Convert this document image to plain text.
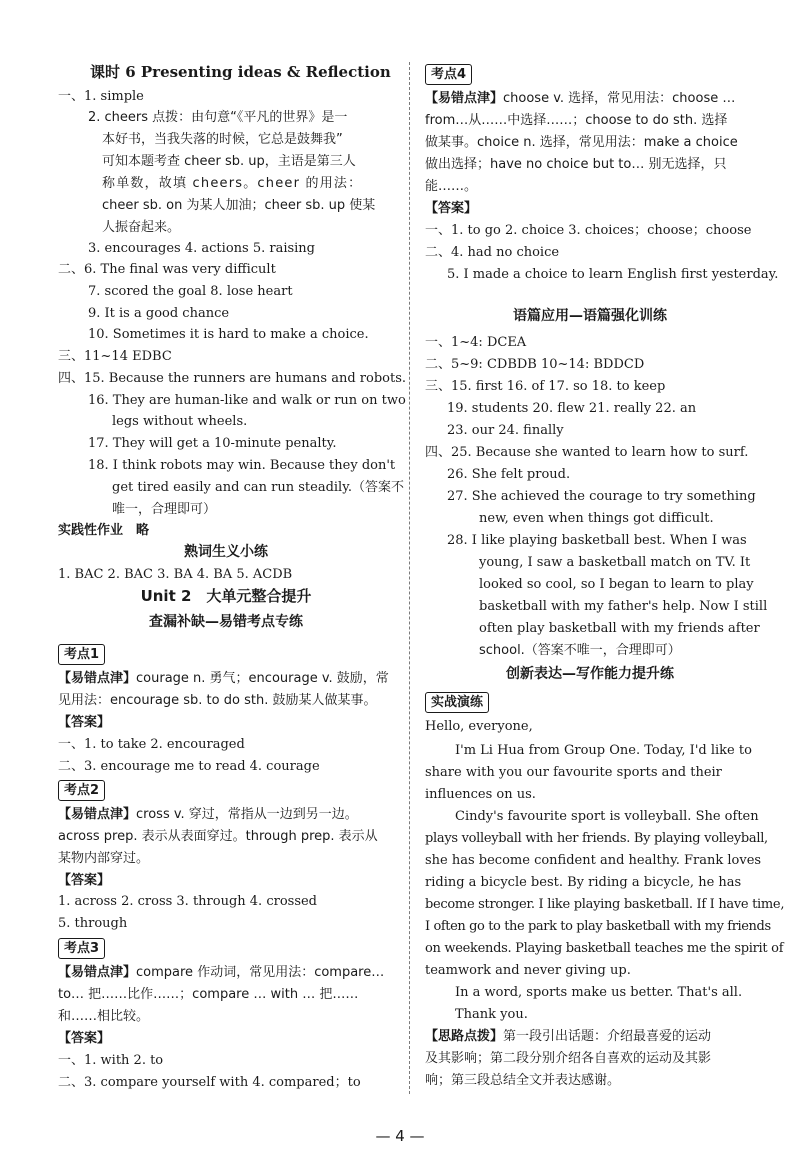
课时 6 Presenting ideas & Reflection
一、1. simple
2. cheers 点拨：由句意“《平凡的世界》是一
本好书，当我失落的时候，它总是鼓舞我”
可知本题考查 cheer sb. up，主语是第三人
称单数，故填 cheers。cheer 的用法：
cheer sb. on 为某人加油；cheer sb. up 使某
人振奋起来。
3. encourages 4. actions 5. raising
二、6. The final was very difficult
7. scored the goal 8. lose heart
9. It is a good chance
10. Sometimes it is hard to make a choice.
三、11~14 EDBC
四、15. Because the runners are humans and robots.
16. They are human-like and walk or run on two
legs without wheels.
17. They will get a 10-minute penalty.
18. I think robots may win. Because they don't
get tired easily and can run steadily.（答案不
唯一，合理即可）
实践性作业　略
熟词生义小练
1. BAC 2. BAC 3. BA 4. BA 5. ACDB
Unit 2　大单元整合提升
查漏补缺—易错考点专练
考点1
【易错点津】courage n. 勇气；encourage v. 鼓励，常
见用法：encourage sb. to do sth. 鼓励某人做某事。
【答案】
一、1. to take 2. encouraged
二、3. encourage me to read 4. courage
考点2
【易错点津】cross v. 穿过，常指从一边到另一边。
across prep. 表示从表面穿过。through prep. 表示从
某物内部穿过。
【答案】
1. across 2. cross 3. through 4. crossed
5. through
考点3
【易错点津】compare 作动词，常见用法：compare…
to… 把……比作……；compare … with … 把……
和……相比较。
【答案】
一、1. with 2. to
二、3. compare yourself with 4. compared；to
考点4
【易错点津】choose v. 选择，常见用法：choose …
from…从……中选择……；choose to do sth. 选择
做某事。choice n. 选择，常见用法：make a choice
做出选择；have no choice but to… 别无选择，只
能……。
【答案】
一、1. to go 2. choice 3. choices；choose；choose
二、4. had no choice
5. I made a choice to learn English first yesterday.
语篇应用—语篇强化训练
一、1~4: DCEA
二、5~9: CDBDB 10~14: BDDCD
三、15. first 16. of 17. so 18. to keep
19. students 20. flew 21. really 22. an
23. our 24. finally
四、25. Because she wanted to learn how to surf.
26. She felt proud.
27. She achieved the courage to try something
new, even when things got difficult.
28. I like playing basketball best. When I was
young, I saw a basketball match on TV. It
looked so cool, so I began to learn to play
basketball with my father's help. Now I still
often play basketball with my friends after
school.（答案不唯一，合理即可）
创新表达—写作能力提升练
实战演练
Hello, everyone,
I'm Li Hua from Group One. Today, I'd like to
share with you our favourite sports and their
influences on us.
Cindy's favourite sport is volleyball. She often
plays volleyball with her friends. By playing volleyball,
she has become confident and healthy. Frank loves
riding a bicycle best. By riding a bicycle, he has
become stronger. I like playing basketball. If I have time,
I often go to the park to play basketball with my friends
on weekends. Playing basketball teaches me the spirit of
teamwork and never giving up.
In a word, sports make us better. That's all.
Thank you.
【思路点拨】第一段引出话题：介绍最喜爱的运动
及其影响；第二段分别介绍各自喜欢的运动及其影
响；第三段总结全文并表达感谢。
— 4 —
